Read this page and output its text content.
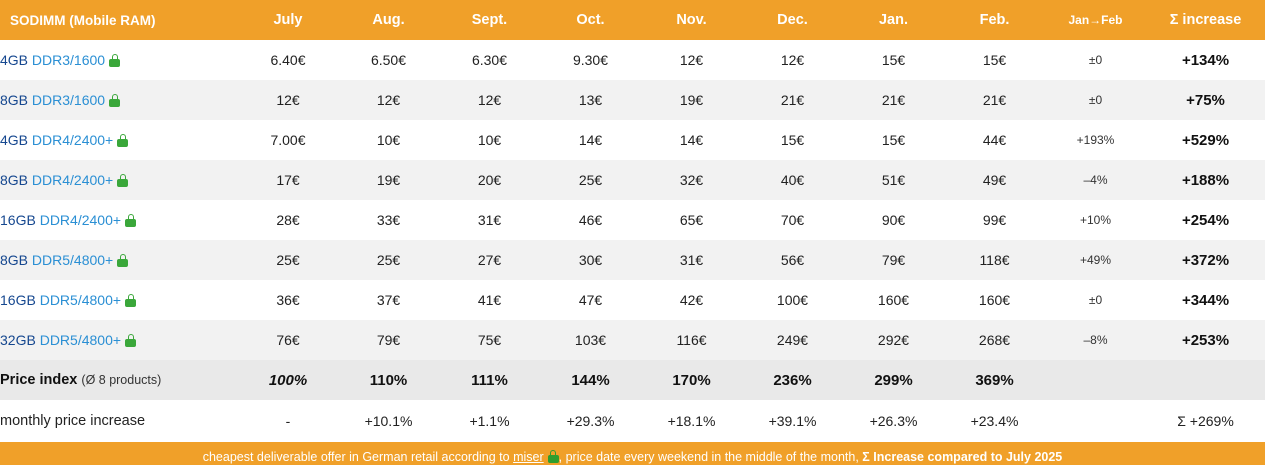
SODIMM (Mobile RAM)	July	Aug.	Sept.	Oct.	Nov.	Dec.	Jan.	Feb.	Jan→Feb	Σ increase
4GB DDR3/1600	6.40€	6.50€	6.30€	9.30€	12€	12€	15€	15€	±0	+134%
8GB DDR3/1600	12€	12€	12€	13€	19€	21€	21€	21€	±0	+75%
4GB DDR4/2400+	7.00€	10€	10€	14€	14€	15€	15€	44€	+193%	+529%
8GB DDR4/2400+	17€	19€	20€	25€	32€	40€	51€	49€	–4%	+188%
16GB DDR4/2400+	28€	33€	31€	46€	65€	70€	90€	99€	+10%	+254%
8GB DDR5/4800+	25€	25€	27€	30€	31€	56€	79€	118€	+49%	+372%
16GB DDR5/4800+	36€	37€	41€	47€	42€	100€	160€	160€	±0	+344%
32GB DDR5/4800+	76€	79€	75€	103€	116€	249€	292€	268€	–8%	+253%
Price index (Ø 8 products)	100%	110%	111%	144%	170%	236%	299%	369%		
monthly price increase	-	+10.1%	+1.1%	+29.3%	+18.1%	+39.1%	+26.3%	+23.4%		Σ +269%
cheapest deliverable offer in German retail according to miser , price date every weekend in the middle of the month, Σ Increase compared to July 2025
